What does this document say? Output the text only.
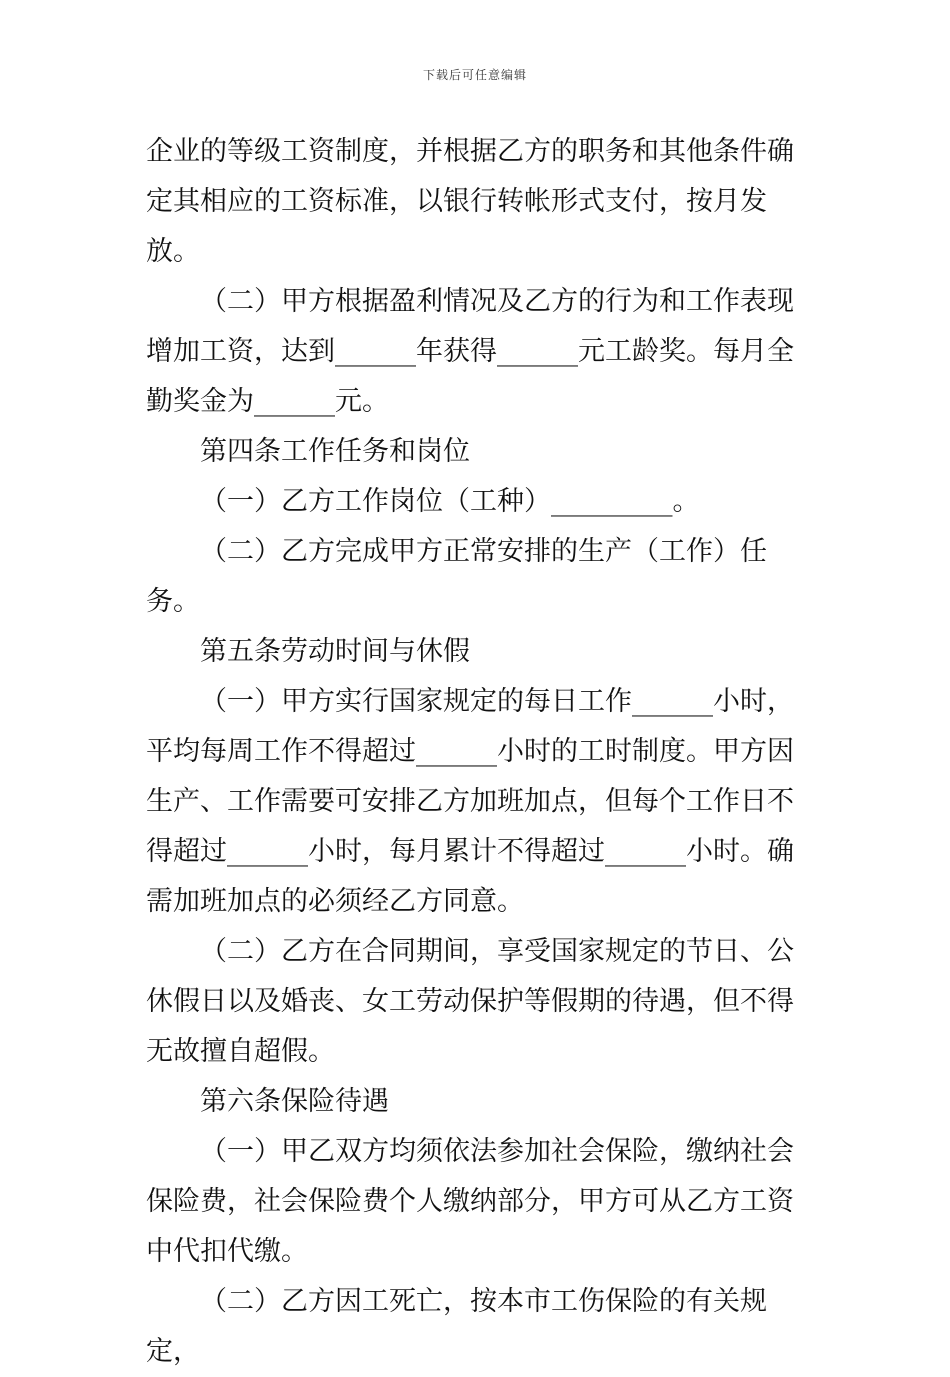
下载后可任意编辑

企业的等级工资制度，并根据乙方的职务和其他条件确定其相应的工资标准，以银行转帐形式支付，按月发放。

（二）甲方根据盈利情况及乙方的行为和工作表现增加工资，达到______年获得______元工龄奖。每月全勤奖金为______元。

第四条工作任务和岗位

（一）乙方工作岗位（工种）_________。

（二）乙方完成甲方正常安排的生产（工作）任务。

第五条劳动时间与休假

（一）甲方实行国家规定的每日工作______小时，平均每周工作不得超过______小时的工时制度。甲方因生产、工作需要可安排乙方加班加点，但每个工作日不得超过______小时，每月累计不得超过______小时。确需加班加点的必须经乙方同意。

（二）乙方在合同期间，享受国家规定的节日、公休假日以及婚丧、女工劳动保护等假期的待遇，但不得无故擅自超假。

第六条保险待遇

（一）甲乙双方均须依法参加社会保险，缴纳社会保险费，社会保险费个人缴纳部分，甲方可从乙方工资中代扣代缴。

（二）乙方因工死亡，按本市工伤保险的有关规定，
